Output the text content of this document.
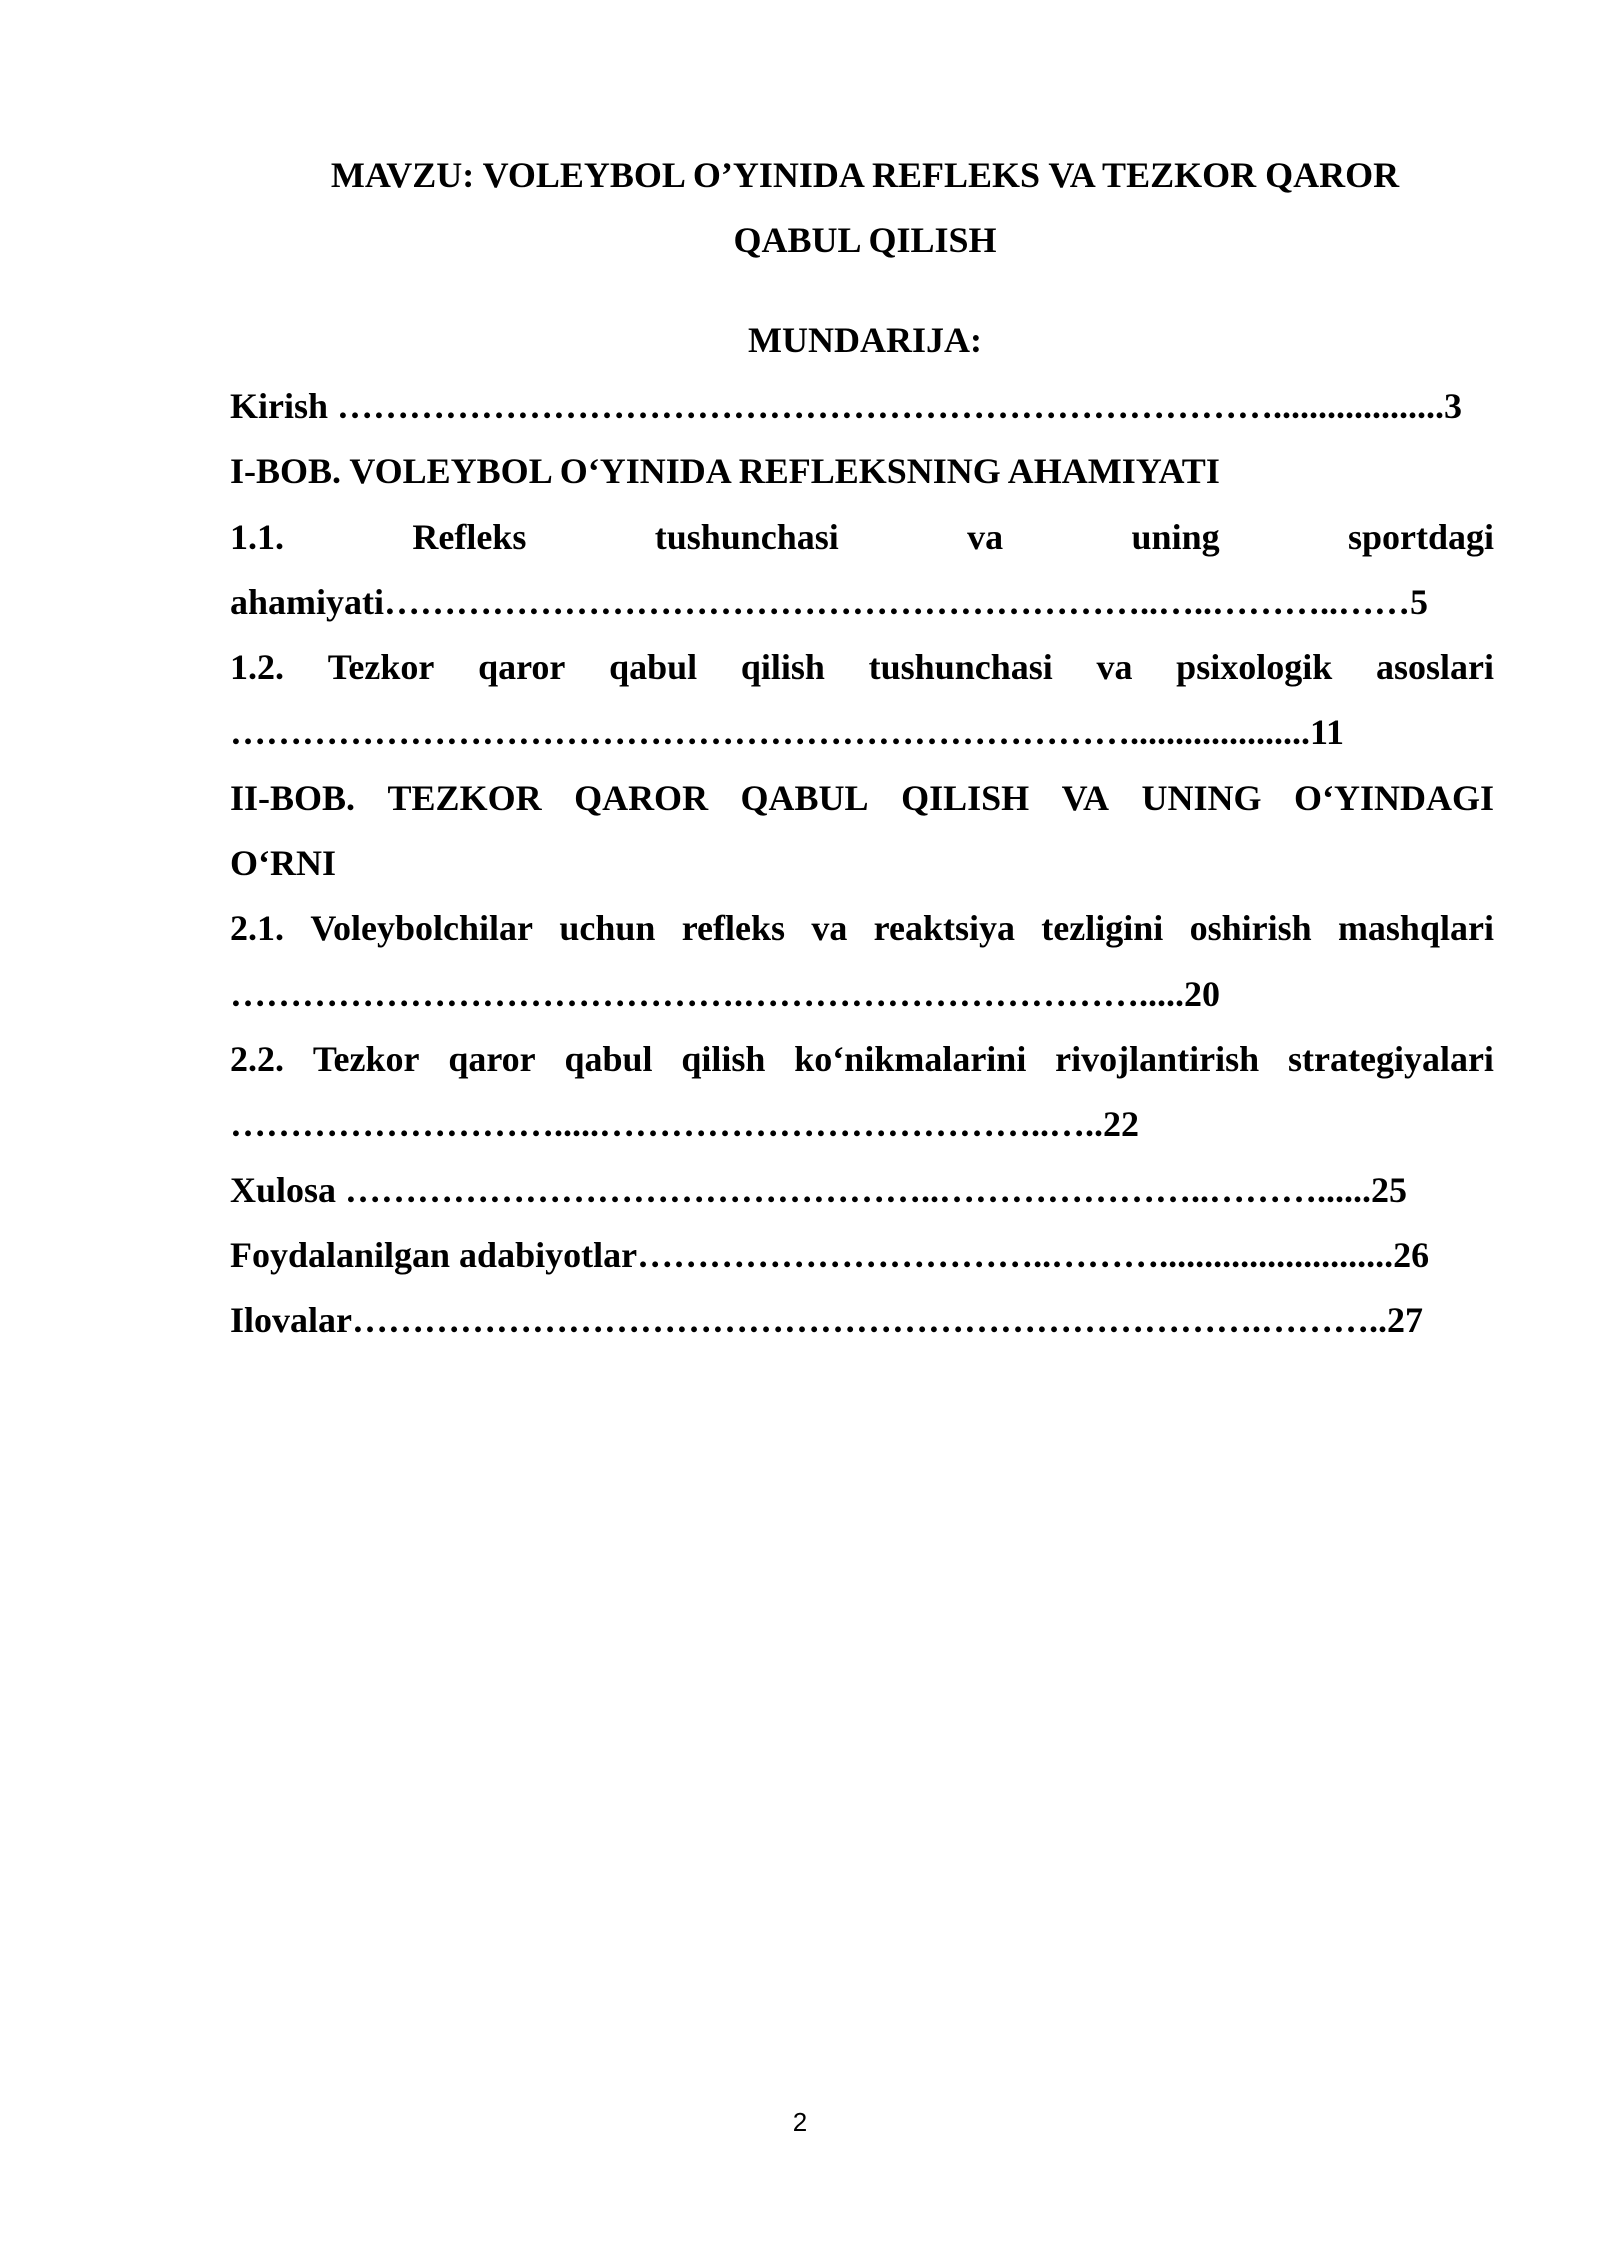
MAVZU: VOLEYBOL O’YINIDA REFLEKS VA TEZKOR QAROR
QABUL QILISH
MUNDARIJA:
Kirish ……………………………………………………………………...................3
I-BOB. VOLEYBOL O‘YINIDA REFLEKSNING AHAMIYATI
1.1.	Refleks	tushunchasi	va	uning	sportdagi
ahamiyati………………………………………………………..…..………..……5
1.2. Tezkor qaror qabul qilish tushunchasi va psixologik asoslari
…………………………………………………………………....................11
II-BOB. TEZKOR QAROR QABUL QILISH VA UNING O‘YINDAGI
O‘RNI
2.1. Voleybolchilar uchun refleks va reaktsiya tezligini oshirish mashqlari
…………………………………….…………………………….....20
2.2. Tezkor qaror qabul qilish ko‘nikmalarini rivojlantirish strategiyalari
……………………….....………………………………..…..22
Xulosa …………………………………………..…………………..………......25
Foydalanilgan adabiyotlar……………………………..………..........................26
Ilovalar………………………………………………………………….………..27
2
